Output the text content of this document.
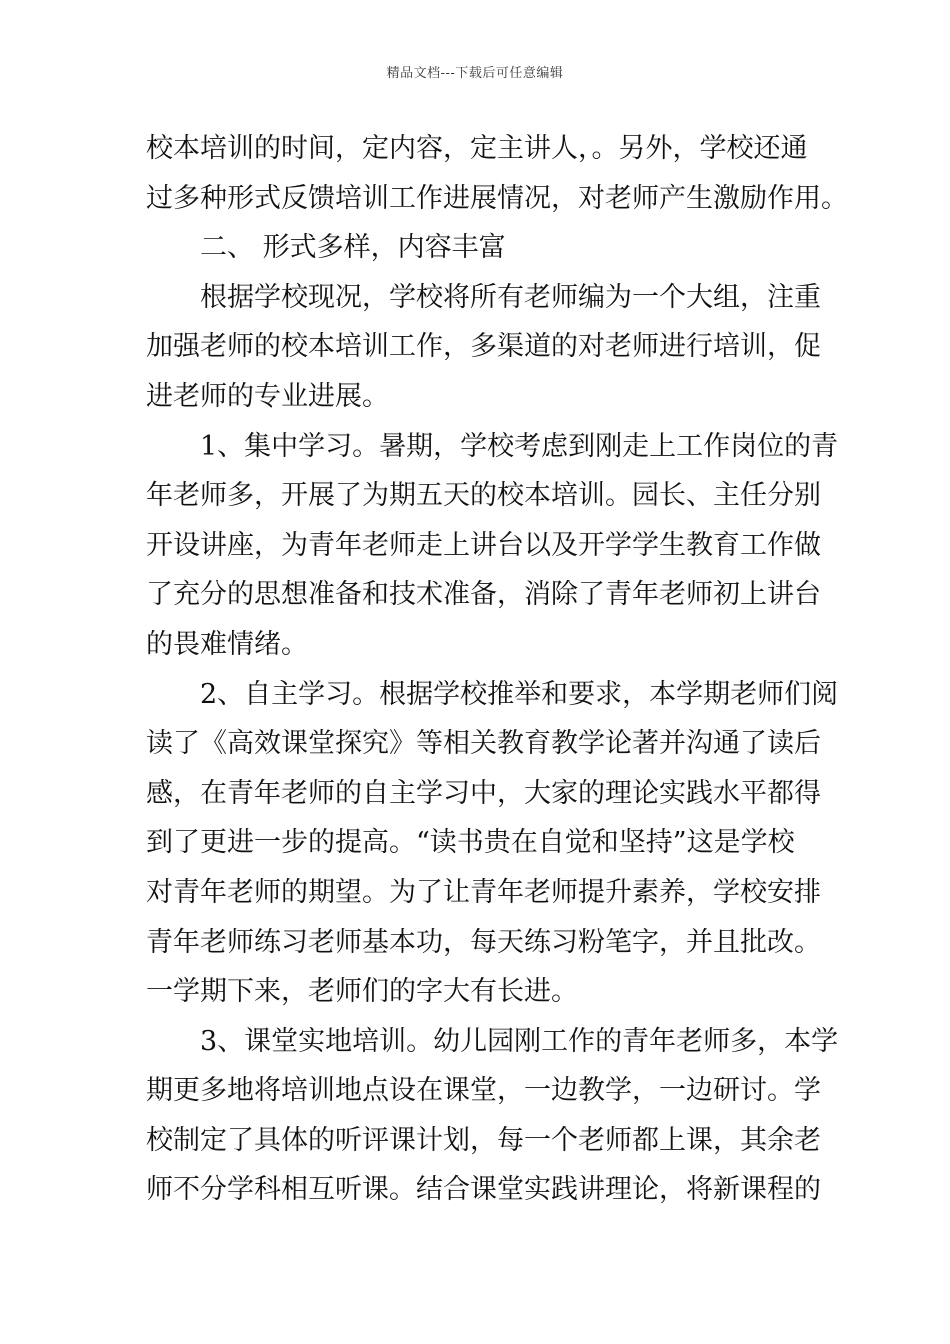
精品文档---下载后可任意编辑
校本培训的时间，定内容，定主讲人，。另外，学校还通
过多种形式反馈培训工作进展情况，对老师产生激励作用。
二、 形式多样，内容丰富
根据学校现况，学校将所有老师编为一个大组，注重
加强老师的校本培训工作，多渠道的对老师进行培训，促
进老师的专业进展。
1、集中学习。暑期，学校考虑到刚走上工作岗位的青
年老师多，开展了为期五天的校本培训。园长、主任分别
开设讲座，为青年老师走上讲台以及开学学生教育工作做
了充分的思想准备和技术准备，消除了青年老师初上讲台
的畏难情绪。
2、自主学习。根据学校推举和要求，本学期老师们阅
读了《高效课堂探究》等相关教育教学论著并沟通了读后
感，在青年老师的自主学习中，大家的理论实践水平都得
到了更进一步的提高。“读书贵在自觉和坚持”这是学校
对青年老师的期望。为了让青年老师提升素养，学校安排
青年老师练习老师基本功，每天练习粉笔字，并且批改。
一学期下来，老师们的字大有长进。
3、课堂实地培训。幼儿园刚工作的青年老师多，本学
期更多地将培训地点设在课堂，一边教学，一边研讨。学
校制定了具体的听评课计划，每一个老师都上课，其余老
师不分学科相互听课。结合课堂实践讲理论，将新课程的
